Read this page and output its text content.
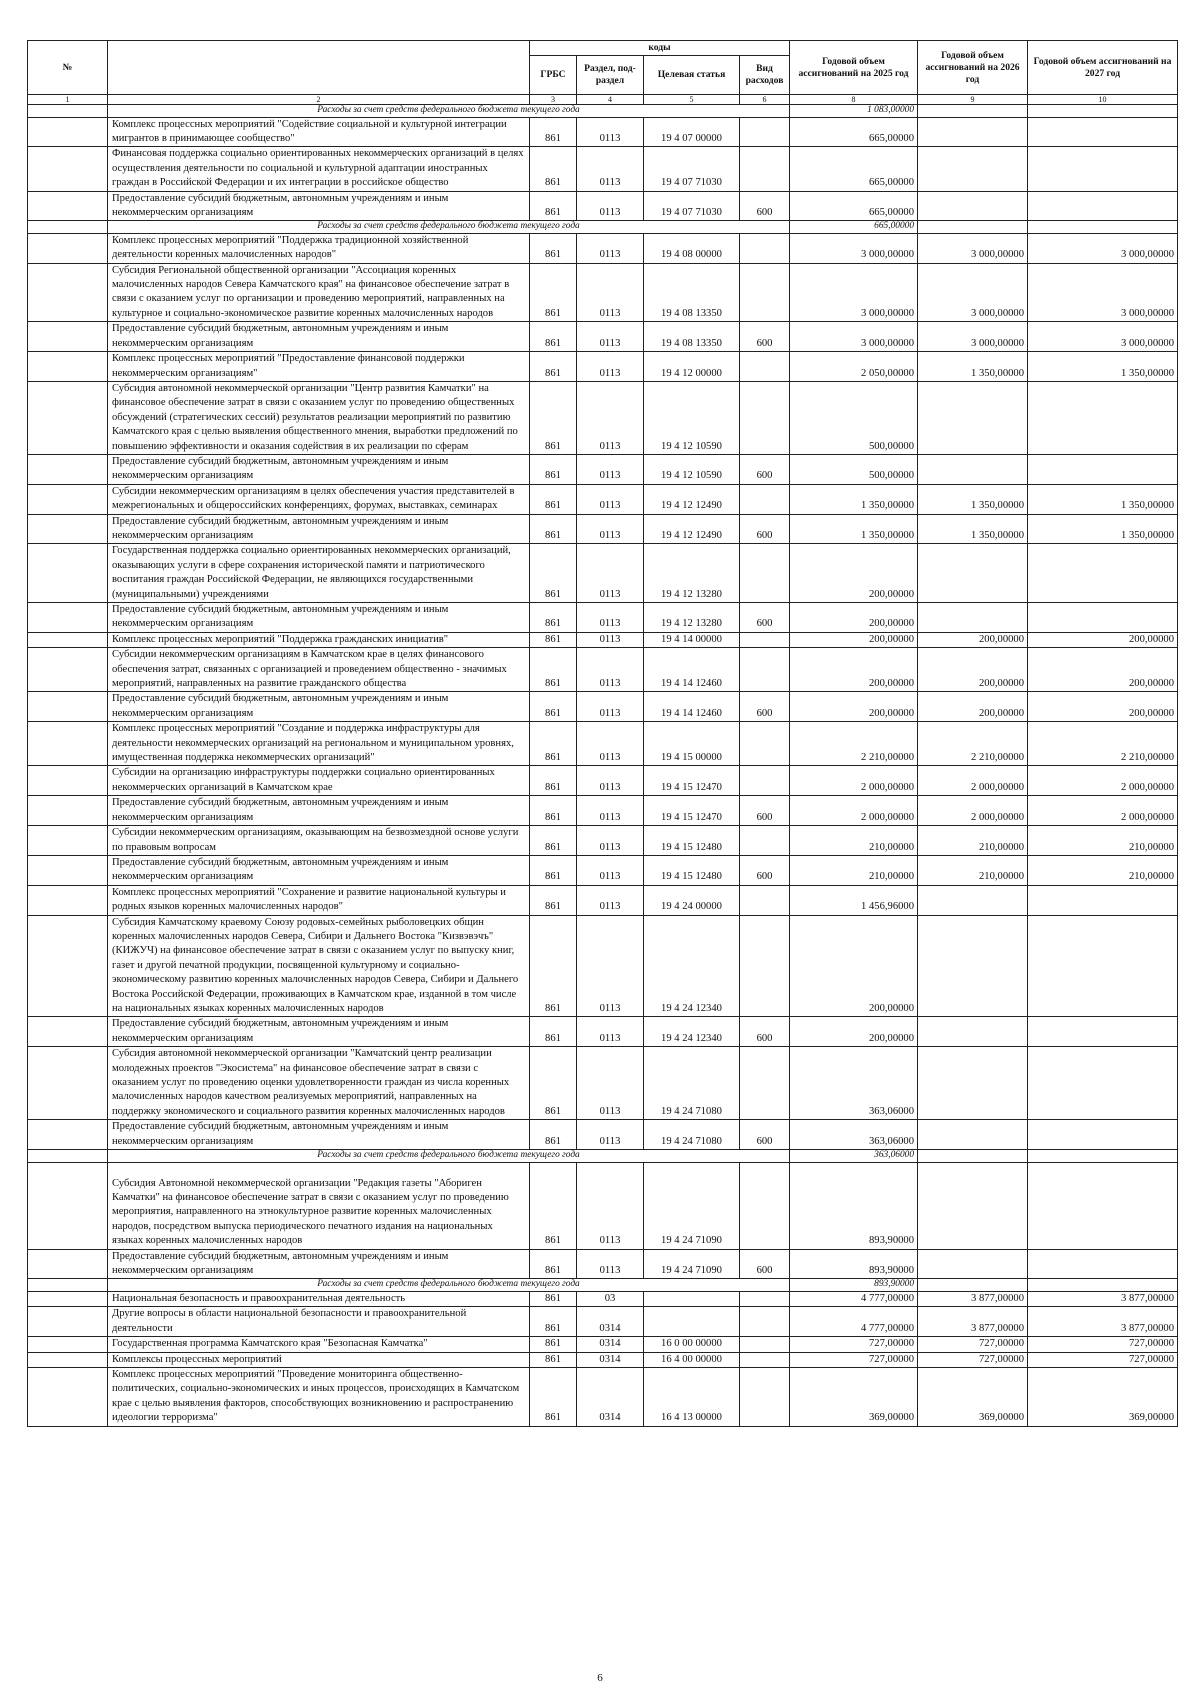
№		коды				Годовой объем ассигнований на 2025 год	Годовой объем ассигнований на 2026 год	Годовой объем ассигнований на 2027 год
		ГРБС	Раздел, под-раздел	Целевая статья	Вид расходов			
1	2	3	4	5	6	8	9	10
	Расходы за счет средств федерального бюджета текущего года					1 083,00000		
	Комплекс процессных мероприятий "Содействие социальной и культурной интеграции мигрантов в принимающее сообщество"	861	0113	19 4 07 00000		665,00000		
	Финансовая поддержка социально ориентированных некоммерческих организаций в целях осуществления деятельности по социальной и культурной адаптации иностранных граждан в Российской Федерации и их интеграции в российское общество	861	0113	19 4 07 71030		665,00000		
	Предоставление субсидий бюджетным, автономным учреждениям и иным некоммерческим организациям	861	0113	19 4 07 71030	600	665,00000		
	Расходы за счет средств федерального бюджета текущего года					665,00000		
	Комплекс процессных мероприятий "Поддержка традиционной хозяйственной деятельности коренных малочисленных народов"	861	0113	19 4 08 00000		3 000,00000	3 000,00000	3 000,00000
	Субсидия Региональной общественной организации "Ассоциация коренных малочисленных народов Севера Камчатского края" на финансовое обеспечение затрат в связи с оказанием услуг по организации и проведению мероприятий, направленных на культурное и социально-экономическое развитие коренных малочисленных народов	861	0113	19 4 08 13350		3 000,00000	3 000,00000	3 000,00000
	Предоставление субсидий бюджетным, автономным учреждениям и иным некоммерческим организациям	861	0113	19 4 08 13350	600	3 000,00000	3 000,00000	3 000,00000
	Комплекс процессных мероприятий "Предоставление финансовой поддержки некоммерческим организациям"	861	0113	19 4 12 00000		2 050,00000	1 350,00000	1 350,00000
	Субсидия автономной некоммерческой организации "Центр развития Камчатки" на финансовое обеспечение затрат в связи с оказанием услуг по проведению общественных обсуждений (стратегических сессий) результатов реализации мероприятий по развитию Камчатского края с целью выявления общественного мнения, выработки предложений по повышению эффективности и оказания содействия в их реализации по сферам	861	0113	19 4 12 10590		500,00000		
	Предоставление субсидий бюджетным, автономным учреждениям и иным некоммерческим организациям	861	0113	19 4 12 10590	600	500,00000		
	Субсидии некоммерческим организациям в целях обеспечения участия представителей в межрегиональных и общероссийских конференциях, форумах, выставках, семинарах	861	0113	19 4 12 12490		1 350,00000	1 350,00000	1 350,00000
	Предоставление субсидий бюджетным, автономным учреждениям и иным некоммерческим организациям	861	0113	19 4 12 12490	600	1 350,00000	1 350,00000	1 350,00000
	Государственная поддержка социально ориентированных некоммерческих организаций, оказывающих услуги в сфере сохранения исторической памяти и патриотического воспитания граждан Российской Федерации, не являющихся государственными (муниципальными) учреждениями	861	0113	19 4 12 13280		200,00000		
	Предоставление субсидий бюджетным, автономным учреждениям и иным некоммерческим организациям	861	0113	19 4 12 13280	600	200,00000		
	Комплекс процессных мероприятий "Поддержка гражданских инициатив"	861	0113	19 4 14 00000		200,00000	200,00000	200,00000
	Субсидии некоммерческим организациям в Камчатском крае в целях финансового обеспечения затрат, связанных с организацией и проведением общественно - значимых мероприятий, направленных на развитие гражданского общества	861	0113	19 4 14 12460		200,00000	200,00000	200,00000
	Предоставление субсидий бюджетным, автономным учреждениям и иным некоммерческим организациям	861	0113	19 4 14 12460	600	200,00000	200,00000	200,00000
	Комплекс процессных мероприятий "Создание и поддержка инфраструктуры для деятельности некоммерческих организаций на региональном и муниципальном уровнях, имущественная поддержка некоммерческих организаций"	861	0113	19 4 15 00000		2 210,00000	2 210,00000	2 210,00000
	Субсидии на организацию инфраструктуры поддержки социально ориентированных некоммерческих организаций в Камчатском крае	861	0113	19 4 15 12470		2 000,00000	2 000,00000	2 000,00000
	Предоставление субсидий бюджетным, автономным учреждениям и иным некоммерческим организациям	861	0113	19 4 15 12470	600	2 000,00000	2 000,00000	2 000,00000
	Субсидии некоммерческим организациям, оказывающим на безвозмездной основе услуги по правовым вопросам	861	0113	19 4 15 12480		210,00000	210,00000	210,00000
	Предоставление субсидий бюджетным, автономным учреждениям и иным некоммерческим организациям	861	0113	19 4 15 12480	600	210,00000	210,00000	210,00000
	Комплекс процессных мероприятий "Сохранение и развитие национальной культуры и родных языков коренных малочисленных народов"	861	0113	19 4 24 00000		1 456,96000		
	Субсидия Камчатскому краевому Союзу родовых-семейных рыболовецких общин коренных малочисленных народов Севера, Сибири и Дальнего Востока "Кизвэвэчъ" (КИЖУЧ) на финансовое обеспечение затрат в связи с оказанием услуг по выпуску книг, газет и другой печатной продукции, посвященной культурному и социально-экономическому развитию коренных малочисленных народов Севера, Сибири и Дальнего Востока Российской Федерации, проживающих в Камчатском крае, изданной в том числе на национальных языках коренных малочисленных народов	861	0113	19 4 24 12340		200,00000		
	Предоставление субсидий бюджетным, автономным учреждениям и иным некоммерческим организациям	861	0113	19 4 24 12340	600	200,00000		
	Субсидия автономной некоммерческой организации "Камчатский центр реализации молодежных проектов "Экосистема" на финансовое обеспечение затрат в связи с оказанием услуг по проведению оценки удовлетворенности граждан из числа коренных малочисленных народов качеством реализуемых мероприятий, направленных на поддержку экономического и социального развития коренных малочисленных народов	861	0113	19 4 24 71080		363,06000		
	Предоставление субсидий бюджетным, автономным учреждениям и иным некоммерческим организациям	861	0113	19 4 24 71080	600	363,06000		
	Расходы за счет средств федерального бюджета текущего года					363,06000		
	Субсидия Автономной некоммерческой организации "Редакция газеты "Абориген Камчатки" на финансовое обеспечение затрат в связи с оказанием услуг по проведению мероприятия, направленного на этнокультурное развитие коренных малочисленных народов, посредством выпуска периодического печатного издания на национальных языках коренных малочисленных народов	861	0113	19 4 24 71090		893,90000		
	Предоставление субсидий бюджетным, автономным учреждениям и иным некоммерческим организациям	861	0113	19 4 24 71090	600	893,90000		
	Расходы за счет средств федерального бюджета текущего года					893,90000		
	Национальная безопасность и правоохранительная деятельность	861	03			4 777,00000	3 877,00000	3 877,00000
	Другие вопросы в области национальной безопасности и правоохранительной деятельности	861	0314			4 777,00000	3 877,00000	3 877,00000
	Государственная программа Камчатского края "Безопасная Камчатка"	861	0314	16 0 00 00000		727,00000	727,00000	727,00000
	Комплексы процессных мероприятий	861	0314	16 4 00 00000		727,00000	727,00000	727,00000
	Комплекс процессных мероприятий "Проведение мониторинга общественно-политических, социально-экономических и иных процессов, происходящих в Камчатском крае с целью выявления факторов, способствующих возникновению и распространению идеологии терроризма"	861	0314	16 4 13 00000		369,00000	369,00000	369,00000
6
